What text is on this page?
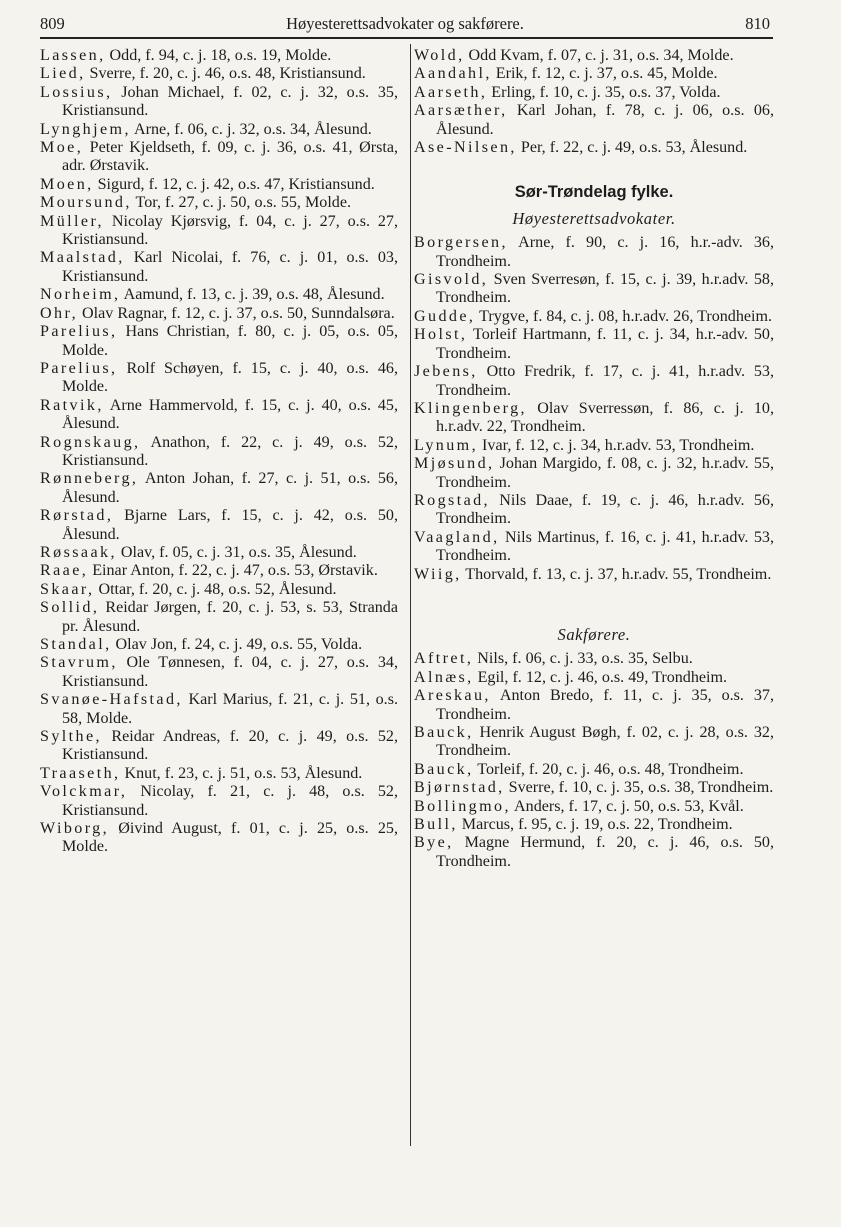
809	Høyesterettsadvokater og sakførere.	810
Lassen, Odd, f. 94, c. j. 18, o.s. 19, Molde.
Lied, Sverre, f. 20, c. j. 46, o.s. 48, Kristiansund.
Lossius, Johan Michael, f. 02, c. j. 32, o.s. 35, Kristiansund.
Lynghjem, Arne, f. 06, c. j. 32, o.s. 34, Ålesund.
Moe, Peter Kjeldseth, f. 09, c. j. 36, o.s. 41, Ørsta, adr. Ørstavik.
Moen, Sigurd, f. 12, c. j. 42, o.s. 47, Kristiansund.
Moursund, Tor, f. 27, c. j. 50, o.s. 55, Molde.
Müller, Nicolay Kjørsvig, f. 04, c. j. 27, o.s. 27, Kristiansund.
Maalstad, Karl Nicolai, f. 76, c. j. 01, o.s. 03, Kristiansund.
Norheim, Aamund, f. 13, c. j. 39, o.s. 48, Ålesund.
Ohr, Olav Ragnar, f. 12, c. j. 37, o.s. 50, Sunndalsøra.
Parelius, Hans Christian, f. 80, c. j. 05, o.s. 05, Molde.
Parelius, Rolf Schøyen, f. 15, c. j. 40, o.s. 46, Molde.
Ratvik, Arne Hammervold, f. 15, c. j. 40, o.s. 45, Ålesund.
Rognskaug, Anathon, f. 22, c. j. 49, o.s. 52, Kristiansund.
Rønneberg, Anton Johan, f. 27, c. j. 51, o.s. 56, Ålesund.
Rørstad, Bjarne Lars, f. 15, c. j. 42, o.s. 50, Ålesund.
Røssaak, Olav, f. 05, c. j. 31, o.s. 35, Ålesund.
Raae, Einar Anton, f. 22, c. j. 47, o.s. 53, Ørstavik.
Skaar, Ottar, f. 20, c. j. 48, o.s. 52, Ålesund.
Sollid, Reidar Jørgen, f. 20, c. j. 53, s. 53, Stranda pr. Ålesund.
Standal, Olav Jon, f. 24, c. j. 49, o.s. 55, Volda.
Stavrum, Ole Tønnesen, f. 04, c. j. 27, o.s. 34, Kristiansund.
Svanøe-Hafstad, Karl Marius, f. 21, c. j. 51, o.s. 58, Molde.
Sylthe, Reidar Andreas, f. 20, c. j. 49, o.s. 52, Kristiansund.
Traaseth, Knut, f. 23, c. j. 51, o.s. 53, Ålesund.
Volckmar, Nicolay, f. 21, c. j. 48, o.s. 52, Kristiansund.
Wiborg, Øivind August, f. 01, c. j. 25, o.s. 25, Molde.
Wold, Odd Kvam, f. 07, c. j. 31, o.s. 34, Molde.
Aandahl, Erik, f. 12, c. j. 37, o.s. 45, Molde.
Aarseth, Erling, f. 10, c. j. 35, o.s. 37, Volda.
Aarsæther, Karl Johan, f. 78, c. j. 06, o.s. 06, Ålesund.
Ase-Nilsen, Per, f. 22, c. j. 49, o.s. 53, Ålesund.
Sør-Trøndelag fylke.
Høyesterettsadvokater.
Borgersen, Arne, f. 90, c. j. 16, h.r.-adv. 36, Trondheim.
Gisvold, Sven Sverresøn, f. 15, c. j. 39, h.r.adv. 58, Trondheim.
Gudde, Trygve, f. 84, c. j. 08, h.r.adv. 26, Trondheim.
Holst, Torleif Hartmann, f. 11, c. j. 34, h.r.-adv. 50, Trondheim.
Jebens, Otto Fredrik, f. 17, c. j. 41, h.r.adv. 53, Trondheim.
Klingenberg, Olav Sverressøn, f. 86, c. j. 10, h.r.adv. 22, Trondheim.
Lynum, Ivar, f. 12, c. j. 34, h.r.adv. 53, Trondheim.
Mjøsund, Johan Margido, f. 08, c. j. 32, h.r.adv. 55, Trondheim.
Rogstad, Nils Daae, f. 19, c. j. 46, h.r.adv. 56, Trondheim.
Vaagland, Nils Martinus, f. 16, c. j. 41, h.r.adv. 53, Trondheim.
Wiig, Thorvald, f. 13, c. j. 37, h.r.adv. 55, Trondheim.
Sakførere.
Aftret, Nils, f. 06, c. j. 33, o.s. 35, Selbu.
Alnæs, Egil, f. 12, c. j. 46, o.s. 49, Trondheim.
Areskau, Anton Bredo, f. 11, c. j. 35, o.s. 37, Trondheim.
Bauck, Henrik August Bøgh, f. 02, c. j. 28, o.s. 32, Trondheim.
Bauck, Torleif, f. 20, c. j. 46, o.s. 48, Trondheim.
Bjørnstad, Sverre, f. 10, c. j. 35, o.s. 38, Trondheim.
Bollingmo, Anders, f. 17, c. j. 50, o.s. 53, Kvål.
Bull, Marcus, f. 95, c. j. 19, o.s. 22, Trondheim.
Bye, Magne Hermund, f. 20, c. j. 46, o.s. 50, Trondheim.
